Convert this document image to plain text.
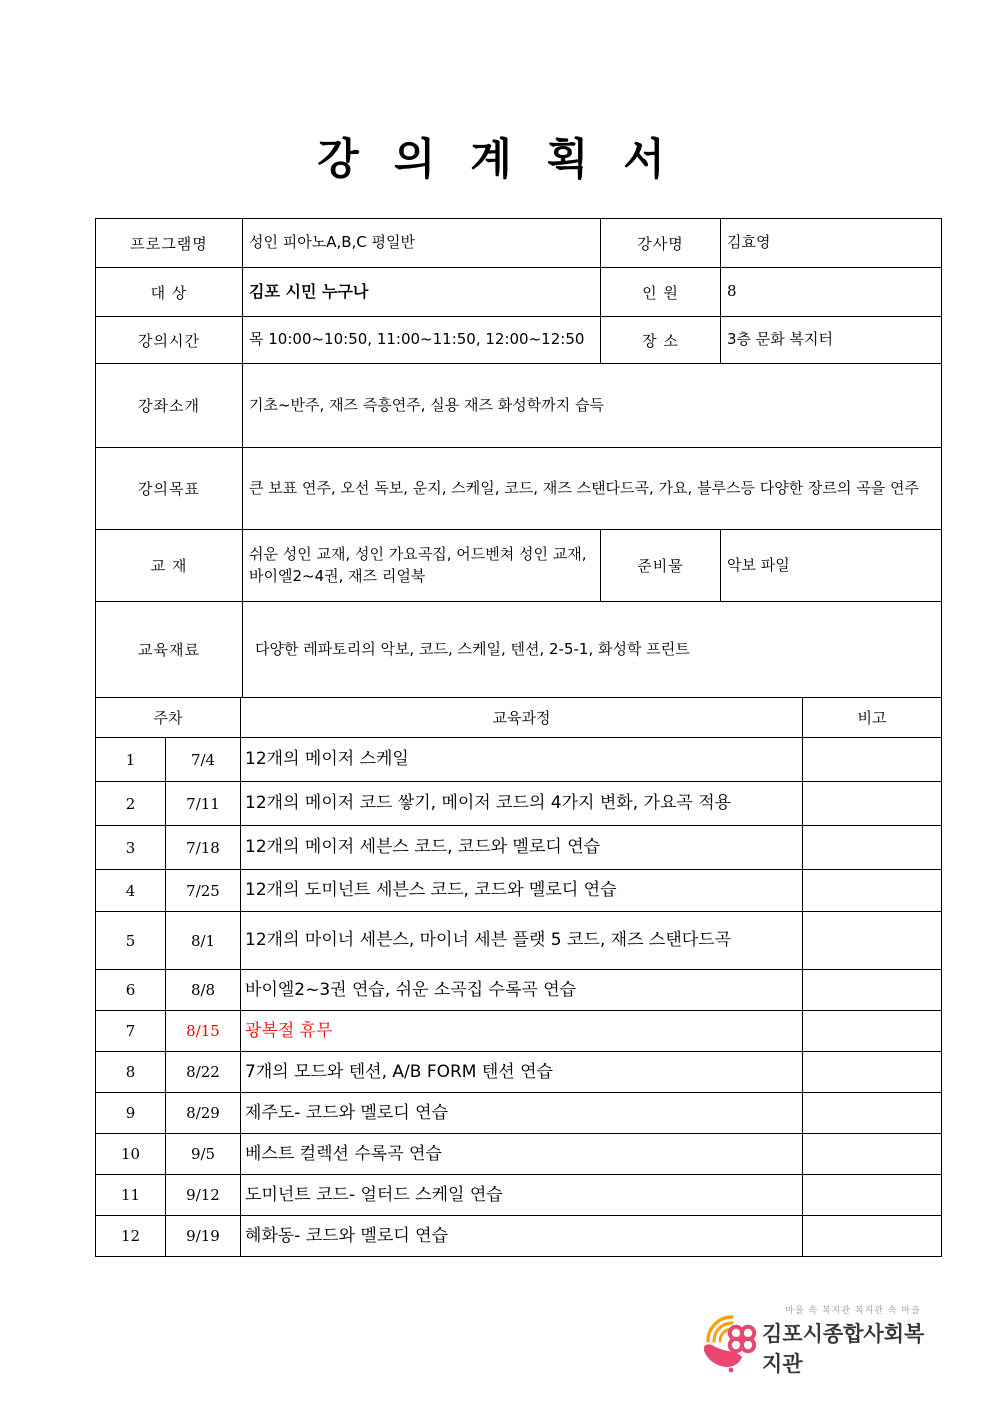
강 의 계 획 서
프로그램명	성인 피아노A,B,C 평일반	강사명	김효영
대 상	김포 시민 누구나	인 원	8
강의시간	목 10:00~10:50, 11:00~11:50, 12:00~12:50	장 소	3층 문화 복지터
강좌소개	기초~반주, 재즈 즉흥연주, 실용 재즈 화성학까지 습득		
강의목표	큰 보표 연주, 오선 독보, 운지, 스케일, 코드, 재즈 스탠다드곡, 가요, 블루스등 다양한 장르의 곡을 연주		
교 재	쉬운 성인 교재, 성인 가요곡집, 어드벤쳐 성인 교재, 바이엘2~4권, 재즈 리얼북	준비물	악보 파일
교육재료	다양한 레파토리의 악보, 코드, 스케일, 텐션, 2-5-1, 화성학 프린트		
주차		교육과정	비고
1	7/4	12개의 메이저 스케일	
2	7/11	12개의 메이저 코드 쌓기, 메이저 코드의 4가지 변화, 가요곡 적용	
3	7/18	12개의 메이저 세븐스 코드, 코드와 멜로디 연습	
4	7/25	12개의 도미넌트 세븐스 코드, 코드와 멜로디 연습	
5	8/1	12개의 마이너 세븐스, 마이너 세븐 플랫 5 코드, 재즈 스탠다드곡	
6	8/8	바이엘2~3권 연습, 쉬운 소곡집 수록곡 연습	
7	8/15	광복절 휴무	
8	8/22	7개의 모드와 텐션, A/B FORM 텐션 연습	
9	8/29	제주도- 코드와 멜로디 연습	
10	9/5	베스트 컬렉션 수록곡 연습	
11	9/12	도미넌트 코드- 얼터드 스케일 연습	
12	9/19	혜화동- 코드와 멜로디 연습	
마을 속 복지관 복지관 속 마을
김포시종합사회복지관
